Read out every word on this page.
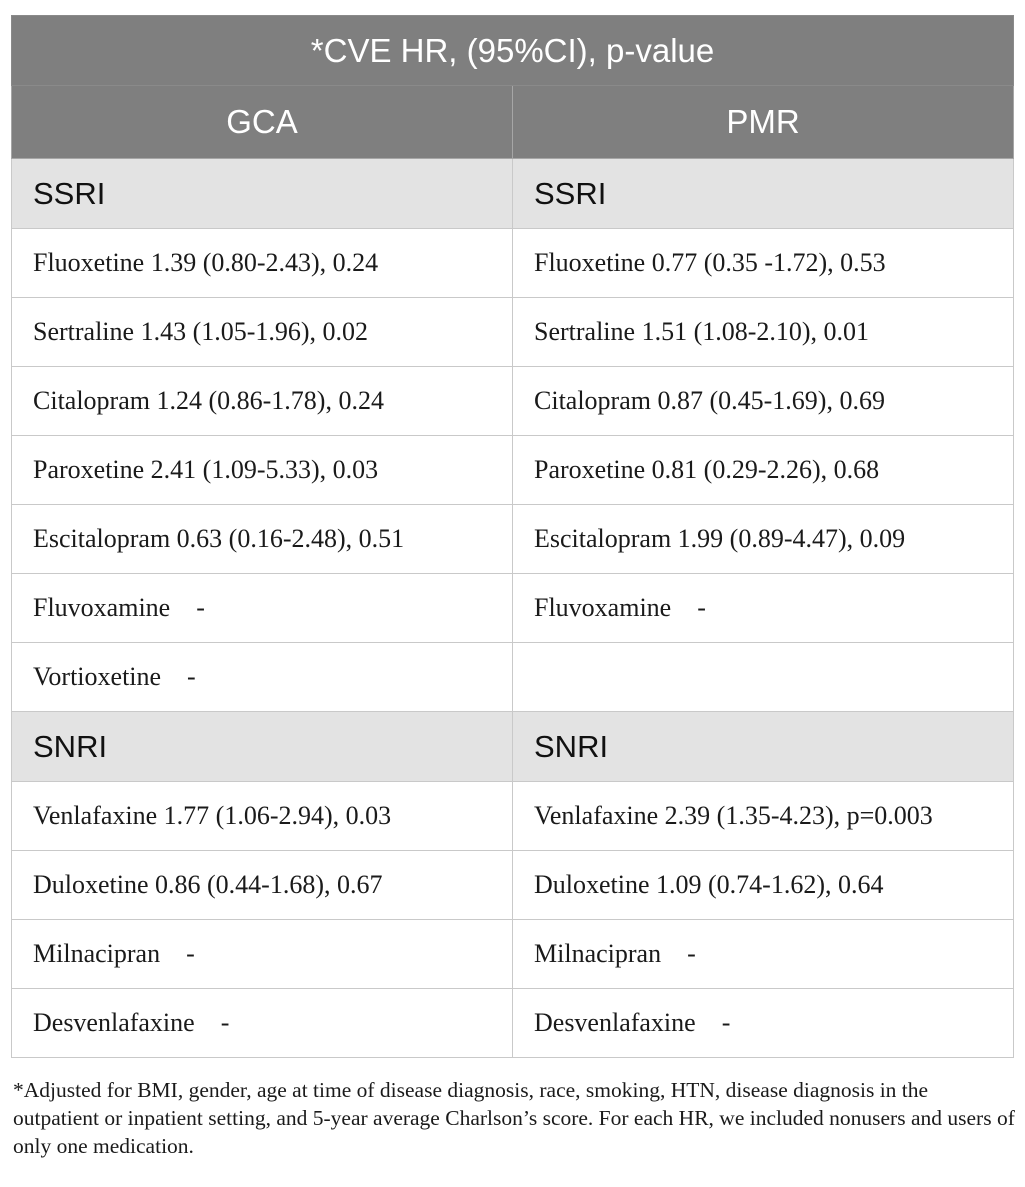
*CVE HR, (95%CI), p-value	
GCA	PMR
SSRI	SSRI
Fluoxetine 1.39 (0.80-2.43), 0.24	Fluoxetine 0.77 (0.35 -1.72), 0.53
Sertraline 1.43 (1.05-1.96), 0.02	Sertraline 1.51 (1.08-2.10), 0.01
Citalopram 1.24 (0.86-1.78), 0.24	Citalopram 0.87 (0.45-1.69), 0.69
Paroxetine 2.41 (1.09-5.33), 0.03	Paroxetine 0.81 (0.29-2.26), 0.68
Escitalopram 0.63 (0.16-2.48), 0.51	Escitalopram 1.99 (0.89-4.47), 0.09
Fluvoxamine    -	Fluvoxamine    -
Vortioxetine    -	
SNRI	SNRI
Venlafaxine 1.77 (1.06-2.94), 0.03	Venlafaxine 2.39 (1.35-4.23), p=0.003
Duloxetine 0.86 (0.44-1.68), 0.67	Duloxetine 1.09 (0.74-1.62), 0.64
Milnacipran    -	Milnacipran    -
Desvenlafaxine    -	Desvenlafaxine    -
*Adjusted for BMI, gender, age at time of disease diagnosis, race, smoking, HTN, disease diagnosis in the outpatient or inpatient setting, and 5-year average Charlson’s score. For each HR, we included nonusers and users of only one medication.
